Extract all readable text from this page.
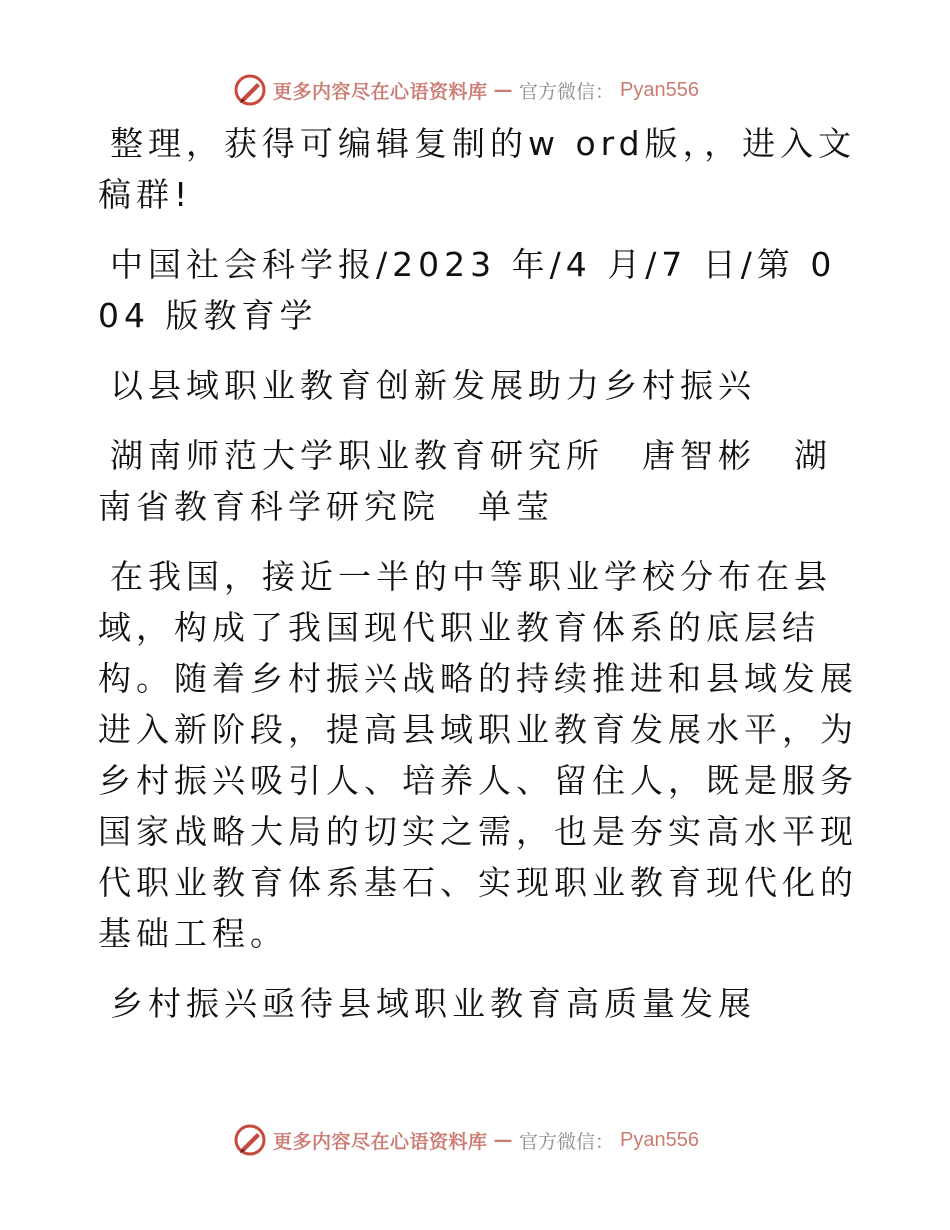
更多内容尽在心语资料库 — 官方微信： Pyan556

整理，获得可编辑复制的w ord版，，进入文稿群!

中国社会科学报/2023 年/4 月/7 日/第 004 版教育学

以县域职业教育创新发展助力乡村振兴

湖南师范大学职业教育研究所　唐智彬　湖南省教育科学研究院　单莹

在我国，接近一半的中等职业学校分布在县域，构成了我国现代职业教育体系的底层结构。随着乡村振兴战略的持续推进和县域发展进入新阶段，提高县域职业教育发展水平，为乡村振兴吸引人、培养人、留住人，既是服务国家战略大局的切实之需，也是夯实高水平现代职业教育体系基石、实现职业教育现代化的基础工程。

乡村振兴亟待县域职业教育高质量发展

更多内容尽在心语资料库 — 官方微信： Pyan556
